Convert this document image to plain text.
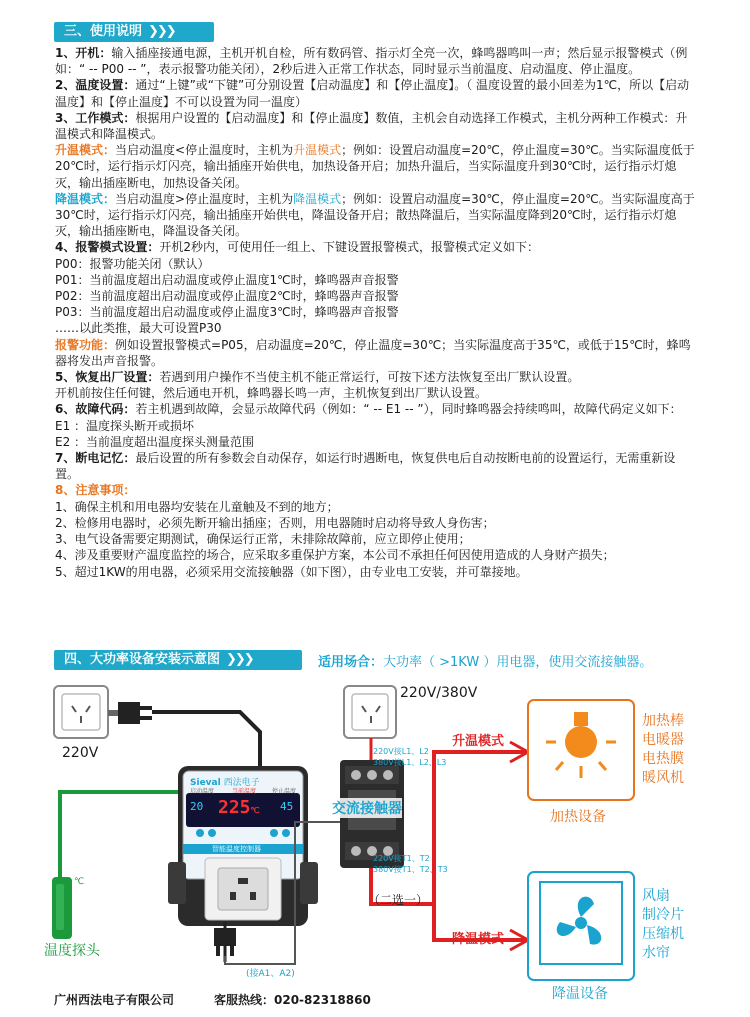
三、使用说明 ❯❯❯

1、开机：输入插座接通电源，主机开机自检，所有数码管、指示灯全亮一次，蜂鸣器鸣叫一声；然后显示报警模式（例如：“ -- P00 -- ”，表示报警功能关闭），2秒后进入正常工作状态，同时显示当前温度、启动温度、停止温度。

2、温度设置：通过“上键”或“下键”可分别设置【启动温度】和【停止温度】。（ 温度设置的最小回差为1℃，所以【启动温度】和【停止温度】不可以设置为同一温度）

3、工作模式：根据用户设置的【启动温度】和【停止温度】数值，主机会自动选择工作模式，主机分两种工作模式：升温模式和降温模式。

升温模式：当启动温度<停止温度时，主机为升温模式；例如：设置启动温度=20℃，停止温度=30℃。当实际温度低于20℃时，运行指示灯闪亮，输出插座开始供电，加热设备开启；加热升温后，当实际温度升到30℃时，运行指示灯熄灭，输出插座断电，加热设备关闭。

降温模式：当启动温度>停止温度时，主机为降温模式；例如：设置启动温度=30℃，停止温度=20℃。当实际温度高于30℃时，运行指示灯闪亮，输出插座开始供电，降温设备开启；散热降温后，当实际温度降到20℃时，运行指示灯熄灭，输出插座断电，降温设备关闭。

4、报警模式设置：开机2秒内，可使用任一组上、下键设置报警模式，报警模式定义如下：

P00：报警功能关闭（默认）

P01：当前温度超出启动温度或停止温度1℃时，蜂鸣器声音报警

P02：当前温度超出启动温度或停止温度2℃时，蜂鸣器声音报警

P03：当前温度超出启动温度或停止温度3℃时，蜂鸣器声音报警

……以此类推，最大可设置P30

报警功能：例如设置报警模式=P05，启动温度=20℃，停止温度=30℃；当实际温度高于35℃，或低于15℃时，蜂鸣器将发出声音报警。

5、恢复出厂设置：若遇到用户操作不当使主机不能正常运行，可按下述方法恢复至出厂默认设置。

开机前按住任何键，然后通电开机，蜂鸣器长鸣一声，主机恢复到出厂默认设置。

6、故障代码：若主机遇到故障，会显示故障代码（例如：“ -- E1 -- ”），同时蜂鸣器会持续鸣叫，故障代码定义如下：

E1 ：温度探头断开或损坏

E2 ：当前温度超出温度探头测量范围

7、断电记忆：最后设置的所有参数会自动保存，如运行时遇断电，恢复供电后自动按断电前的设置运行，无需重新设置。

8、注意事项：

1、确保主机和用电器均安装在儿童触及不到的地方；

2、检修用电器时，必须先断开输出插座；否则，用电器随时启动将导致人身伤害；

3、电气设备需要定期测试，确保运行正常，未排除故障前，应立即停止使用；

4、涉及重要财产温度监控的场合，应采取多重保护方案，本公司不承担任何因使用造成的人身财产损失；

5、超过1KW的用电器，必须采用交流接触器（如下图），由专业电工安装，并可靠接地。

四、大功率设备安装示意图 ❯❯❯	适用场合：大功率（ >1KW ）用电器，使用交流接触器。
220V
220V/380V
温度探头
℃
Sieval 西法电子
启动温度	当前温度	停止温度
20 225℃ 45
智能温度控制器
交流接触器
220V接L1、L2
380V接L1、L2、L3
220V接T1、T2
380V接T1、T2、T3
（二选一）
(接A1、A2)
升温模式
降温模式
加热设备
降温设备
加热棒
电暖器
电热膜
暖风机
风扇
制冷片
压缩机
水帘
广州西法电子有限公司	客服热线：020-82318860
